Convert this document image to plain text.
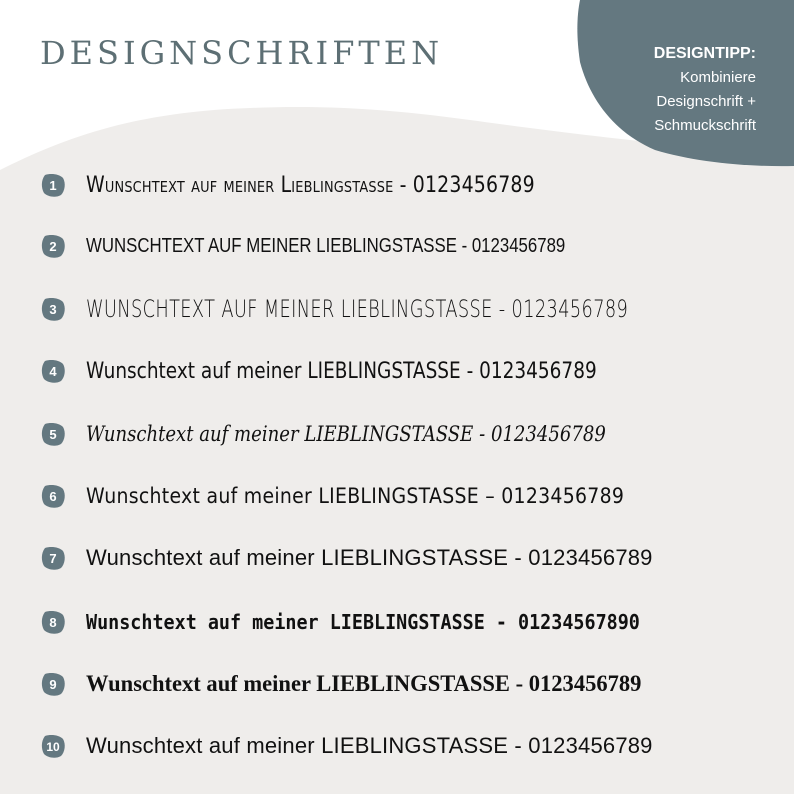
DESIGNSCHRIFTEN	DESIGNTIPP:
Kombiniere
Designschrift +
Schmuckschrift
1 Wunschtext auf meiner Lieblingstasse - 0123456789
2 WUNSCHTEXT AUF MEINER LIEBLINGSTASSE - 0123456789
3 WUNSCHTEXT AUF MEINER LIEBLINGSTASSE - 0123456789
4 Wunschtext auf meiner LIEBLINGSTASSE - 0123456789
5 Wunschtext auf meiner LIEBLINGSTASSE - 0123456789
6 Wunschtext auf meiner LIEBLINGSTASSE – 0123456789
7 Wunschtext auf meiner LIEBLINGSTASSE - 0123456789
8 Wunschtext auf meiner LIEBLINGSTASSE - 01234567890
9 Wunschtext auf meiner LIEBLINGSTASSE - 0123456789
10 Wunschtext auf meiner LIEBLINGSTASSE - 0123456789
